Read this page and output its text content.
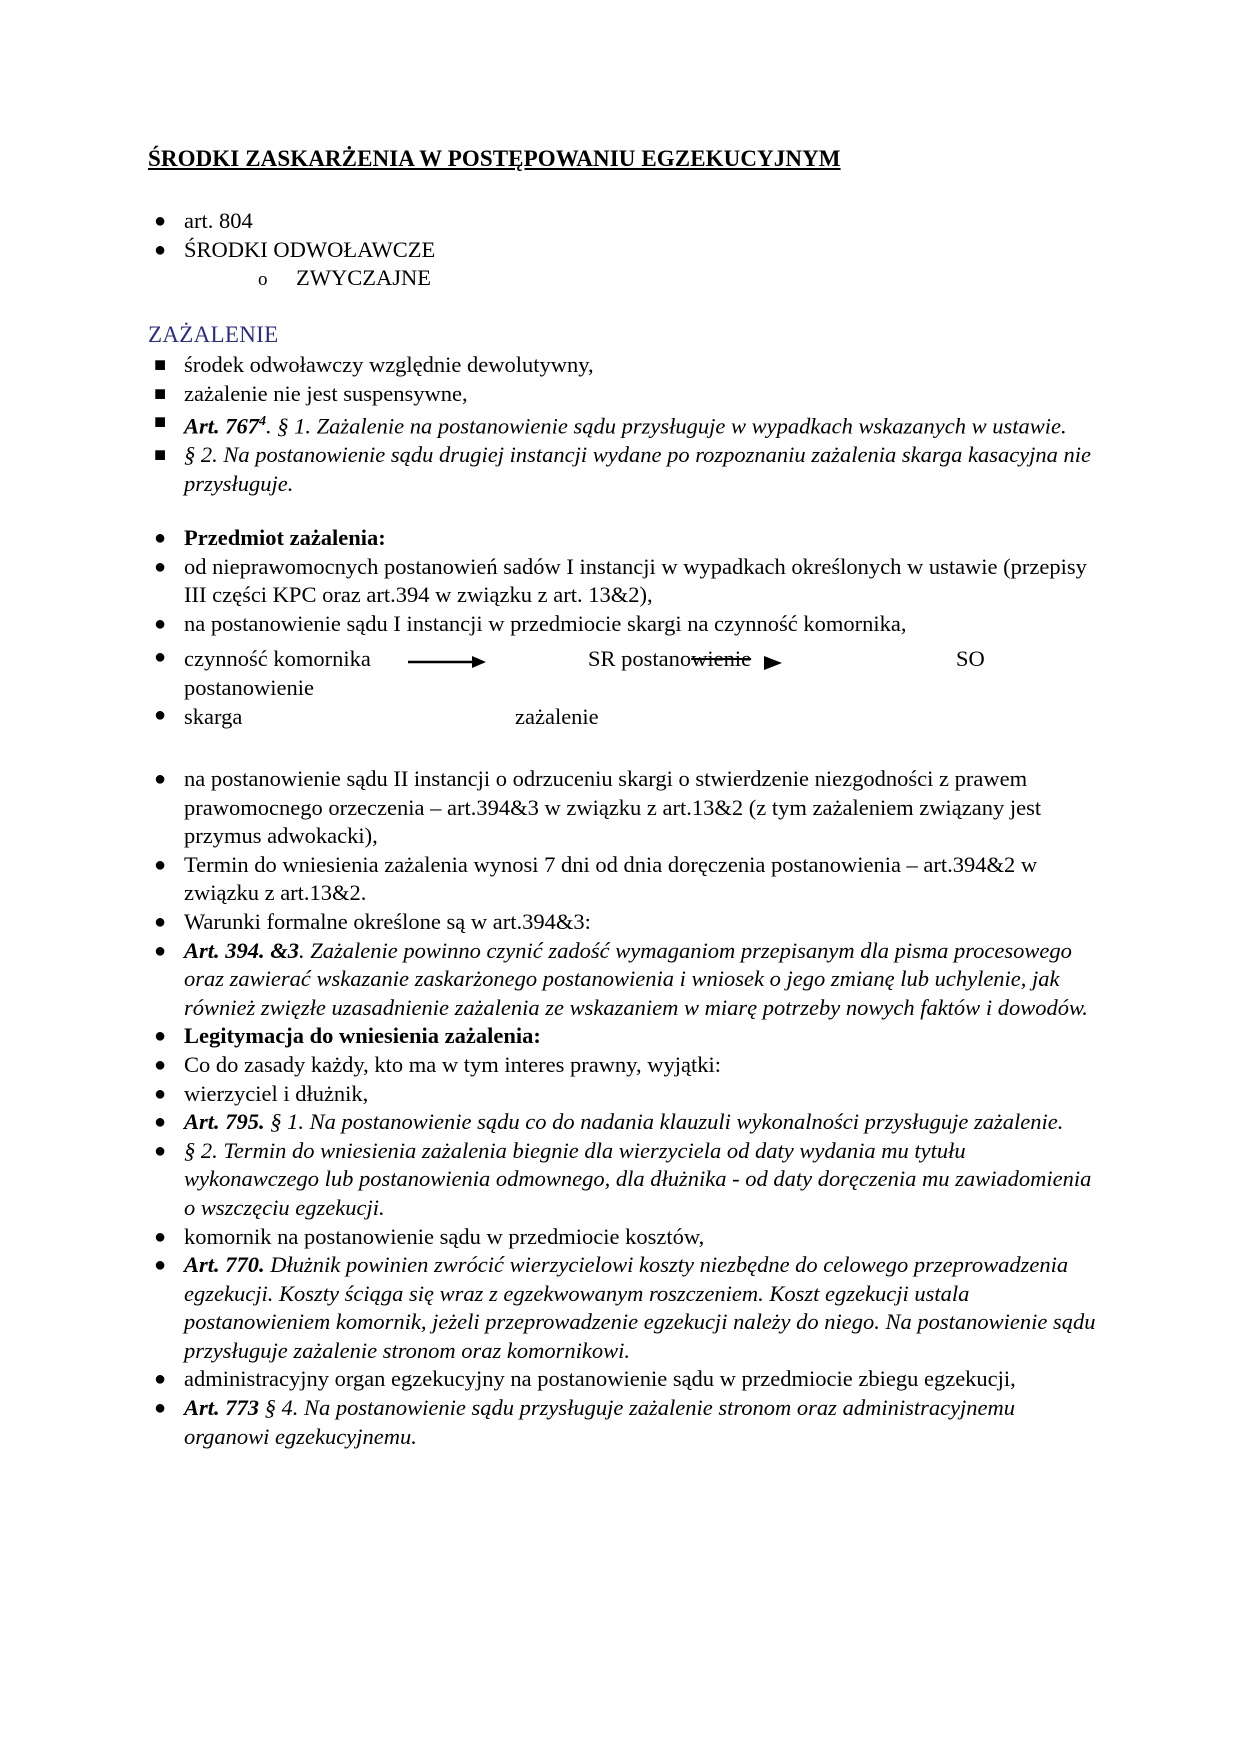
ŚRODKI ZASKARŻENIA W POSTĘPOWANIU EGZEKUCYJNYM
● art. 804
● ŚRODKI ODWOŁAWCZE
o ZWYCZAJNE
ZAŻALENIE
■ środek odwoławczy względnie dewolutywny,
■ zażalenie nie jest suspensywne,
■ Art. $767^4$. § 1. Zażalenie na postanowienie sądu przysługuje w wypadkach wskazanych w ustawie.
■ § 2. Na postanowienie sądu drugiej instancji wydane po rozpoznaniu zażalenia skarga kasacyjna nie przysługuje.
● Przedmiot zażalenia:
● od nieprawomocnych postanowień sadów I instancji w wypadkach określonych w ustawie (przepisy III części KPC oraz art.394 w związku z art. 13&2),
● na postanowienie sądu I instancji w przedmiocie skargi na czynność komornika,
● czynność komornika	SR postanowienie	SO
postanowienie
● skarga	zażalenie
● na postanowienie sądu II instancji o odrzuceniu skargi o stwierdzenie niezgodności z prawem prawomocnego orzeczenia – art.394&3 w związku z art.13&2 (z tym zażaleniem związany jest przymus adwokacki),
● Termin do wniesienia zażalenia wynosi 7 dni od dnia doręczenia postanowienia – art.394&2 w związku z art.13&2.
● Warunki formalne określone są w art.394&3:
● Art. 394. &3. Zażalenie powinno czynić zadość wymaganiom przepisanym dla pisma procesowego oraz zawierać wskazanie zaskarżonego postanowienia i wniosek o jego zmianę lub uchylenie, jak również zwięzłe uzasadnienie zażalenia ze wskazaniem w miarę potrzeby nowych faktów i dowodów.
● Legitymacja do wniesienia zażalenia:
● Co do zasady każdy, kto ma w tym interes prawny, wyjątki:
● wierzyciel i dłużnik,
● Art. 795. § 1. Na postanowienie sądu co do nadania klauzuli wykonalności przysługuje zażalenie.
● § 2. Termin do wniesienia zażalenia biegnie dla wierzyciela od daty wydania mu tytułu wykonawczego lub postanowienia odmownego, dla dłużnika - od daty doręczenia mu zawiadomienia o wszczęciu egzekucji.
● komornik na postanowienie sądu w przedmiocie kosztów,
● Art. 770. Dłużnik powinien zwrócić wierzycielowi koszty niezbędne do celowego przeprowadzenia egzekucji. Koszty ściąga się wraz z egzekwowanym roszczeniem. Koszt egzekucji ustala postanowieniem komornik, jeżeli przeprowadzenie egzekucji należy do niego. Na postanowienie sądu przysługuje zażalenie stronom oraz komornikowi.
● administracyjny organ egzekucyjny na postanowienie sądu w przedmiocie zbiegu egzekucji,
● Art. 773 § 4. Na postanowienie sądu przysługuje zażalenie stronom oraz administracyjnemu organowi egzekucyjnemu.
